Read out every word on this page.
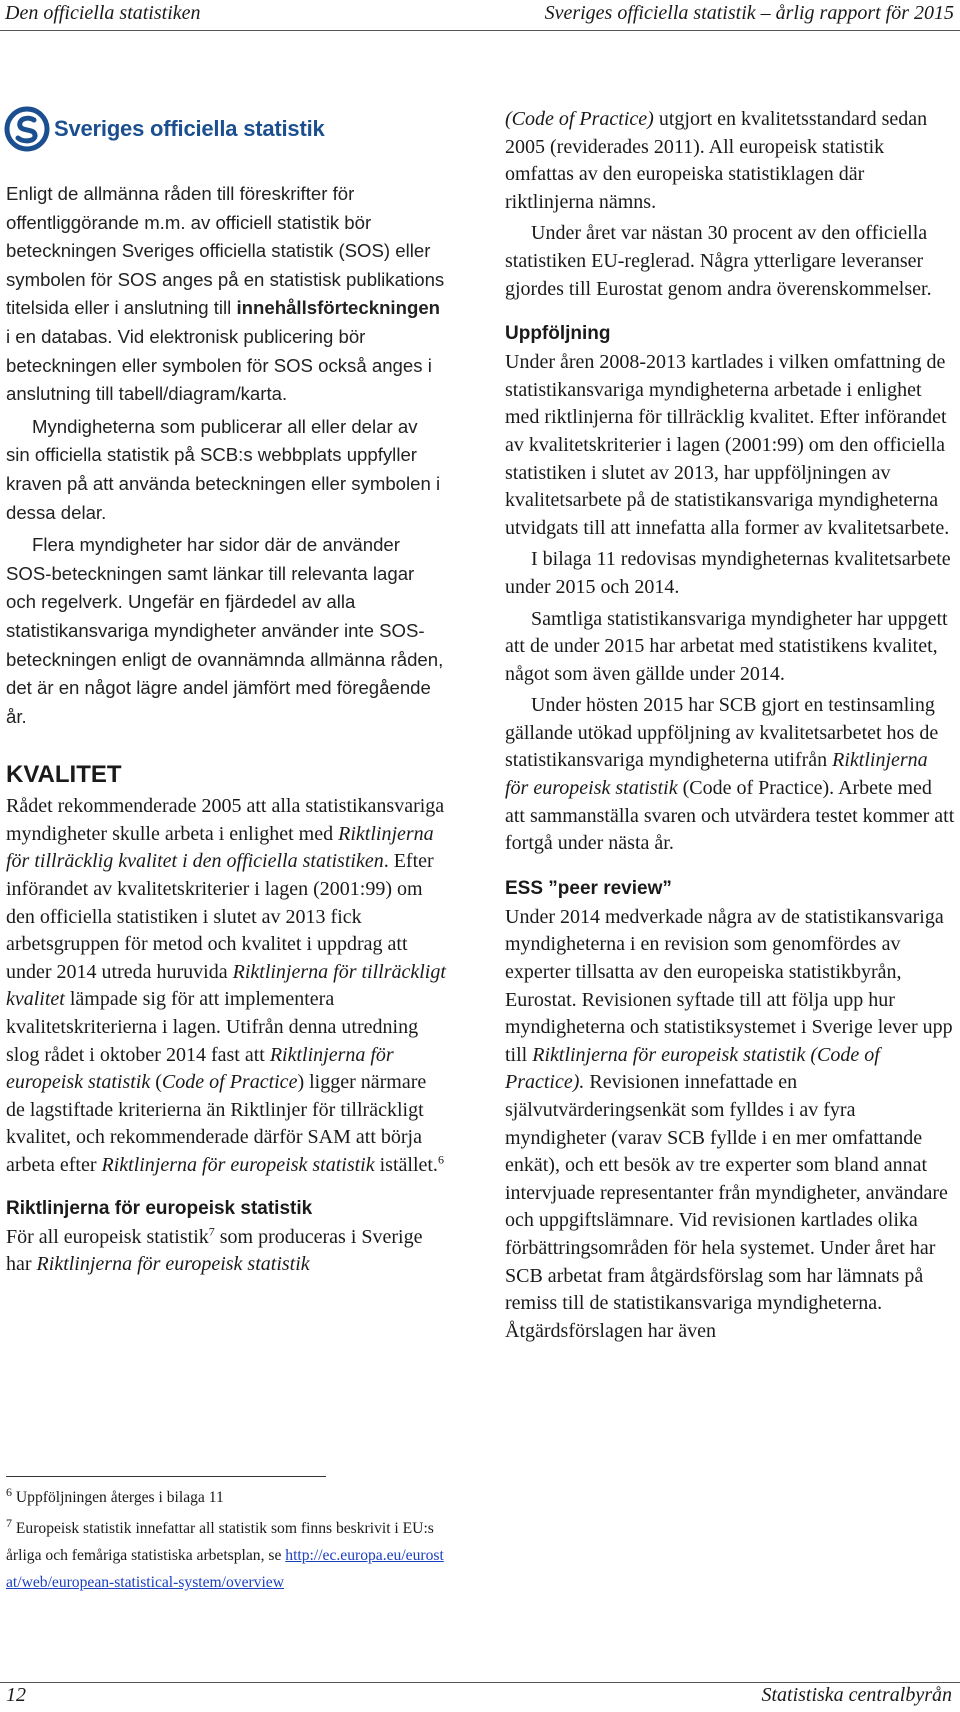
Den officiella statistiken	Sveriges officiella statistik – årlig rapport för 2015
Sveriges officiella statistik

Enligt de allmänna råden till föreskrifter för offentliggörande m.m. av officiell statistik bör beteckningen Sveriges officiella statistik (SOS) eller symbolen för SOS anges på en statistisk publikations titelsida eller i anslutning till innehållsförteckningen i en databas. Vid elektronisk publicering bör beteckningen eller symbolen för SOS också anges i anslutning till tabell/diagram/karta.

Myndigheterna som publicerar all eller delar av sin officiella statistik på SCB:s webbplats uppfyller kraven på att använda beteckningen eller symbolen i dessa delar.

Flera myndigheter har sidor där de använder SOS-beteckningen samt länkar till relevanta lagar och regelverk. Ungefär en fjärdedel av alla statistikansvariga myndigheter använder inte SOS-beteckningen enligt de ovannämnda allmänna råden, det är en något lägre andel jämfört med föregående år.

KVALITET

Rådet rekommenderade 2005 att alla statistikansvariga myndigheter skulle arbeta i enlighet med Riktlinjerna för tillräcklig kvalitet i den officiella statistiken. Efter införandet av kvalitetskriterier i lagen (2001:99) om den officiella statistiken i slutet av 2013 fick arbetsgruppen för metod och kvalitet i uppdrag att under 2014 utreda huruvida Riktlinjerna för tillräckligt kvalitet lämpade sig för att implementera kvalitetskriterierna i lagen. Utifrån denna utredning slog rådet i oktober 2014 fast att Riktlinjerna för europeisk statistik (Code of Practice) ligger närmare de lagstiftade kriterierna än Riktlinjer för tillräckligt kvalitet, och rekommenderade därför SAM att börja arbeta efter Riktlinjerna för europeisk statistik istället.$^6$

Riktlinjerna för europeisk statistik

För all europeisk statistik$^7$ som produceras i Sverige har Riktlinjerna för europeisk statistik

$^6$ Uppföljningen återges i bilaga 11

$^7$ Europeisk statistik innefattar all statistik som finns beskrivit i EU:s årliga och femåriga statistiska arbetsplan, se http://ec.europa.eu/eurostat/web/european-statistical-system/overview

(Code of Practice) utgjort en kvalitetsstandard sedan 2005 (reviderades 2011). All europeisk statistik omfattas av den europeiska statistiklagen där riktlinjerna nämns.

Under året var nästan 30 procent av den officiella statistiken EU-reglerad. Några ytterligare leveranser gjordes till Eurostat genom andra överenskommelser.

Uppföljning

Under åren 2008-2013 kartlades i vilken omfattning de statistikansvariga myndigheterna arbetade i enlighet med riktlinjerna för tillräcklig kvalitet. Efter införandet av kvalitetskriterier i lagen (2001:99) om den officiella statistiken i slutet av 2013, har uppföljningen av kvalitetsarbete på de statistikansvariga myndigheterna utvidgats till att innefatta alla former av kvalitetsarbete.

I bilaga 11 redovisas myndigheternas kvalitetsarbete under 2015 och 2014.

Samtliga statistikansvariga myndigheter har uppgett att de under 2015 har arbetat med statistikens kvalitet, något som även gällde under 2014.

Under hösten 2015 har SCB gjort en testinsamling gällande utökad uppföljning av kvalitetsarbetet hos de statistikansvariga myndigheterna utifrån Riktlinjerna för europeisk statistik (Code of Practice). Arbete med att sammanställa svaren och utvärdera testet kommer att fortgå under nästa år.

ESS ”peer review”

Under 2014 medverkade några av de statistikansvariga myndigheterna i en revision som genomfördes av experter tillsatta av den europeiska statistikbyrån, Eurostat. Revisionen syftade till att följa upp hur myndigheterna och statistiksystemet i Sverige lever upp till Riktlinjerna för europeisk statistik (Code of Practice). Revisionen innefattade en självutvärderingsenkät som fylldes i av fyra myndigheter (varav SCB fyllde i en mer omfattande enkät), och ett besök av tre experter som bland annat intervjuade representanter från myndigheter, användare och uppgiftslämnare. Vid revisionen kartlades olika förbättringsområden för hela systemet. Under året har SCB arbetat fram åtgärdsförslag som har lämnats på remiss till de statistikansvariga myndigheterna. Åtgärdsförslagen har även

12	Statistiska centralbyrån
